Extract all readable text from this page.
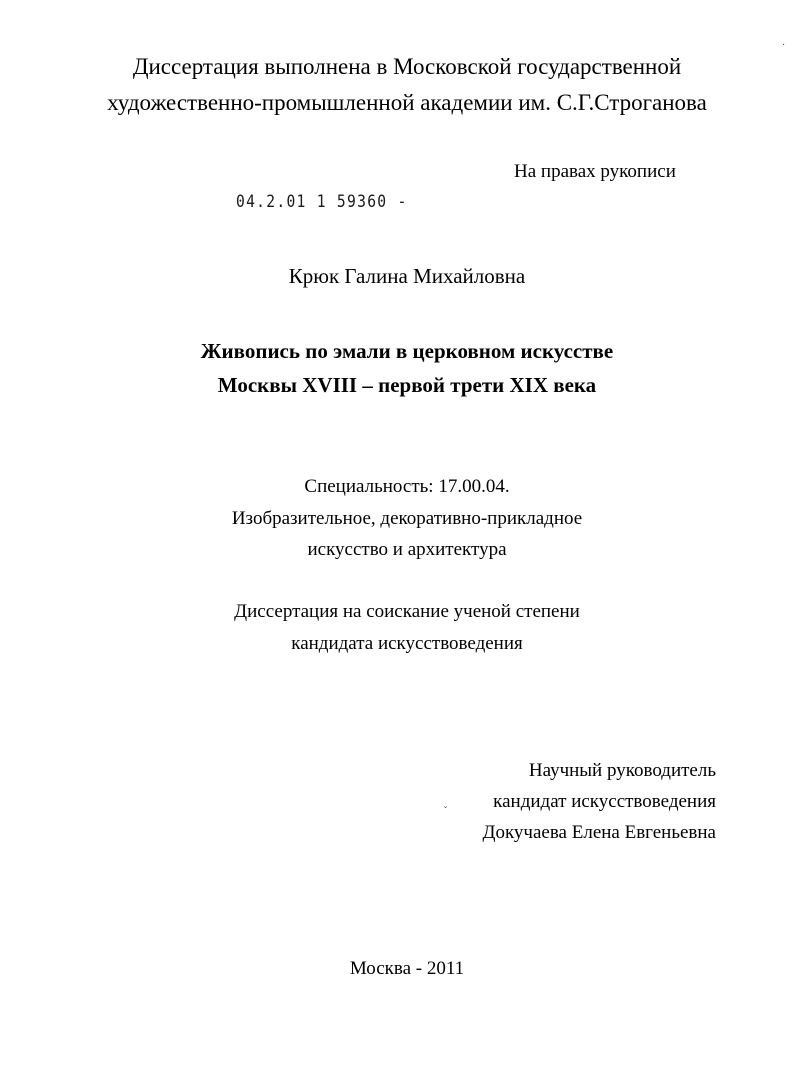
Диссертация выполнена в Московской государственной
художественно-промышленной академии им. С.Г.Строганова
·
На правах рукописи
04.2.01 1 59360 -
Крюк Галина Михайловна
Живопись по эмали в церковном искусстве
Москвы XVIII – первой трети XIX века
Специальность: 17.00.04.
Изобразительное, декоративно-прикладное
искусство и архитектура
Диссертация на соискание ученой степени
кандидата искусствоведения
Научный руководитель
кандидат искусствоведения
Докучаева Елена Евгеньевна
ˇ
Москва - 2011
